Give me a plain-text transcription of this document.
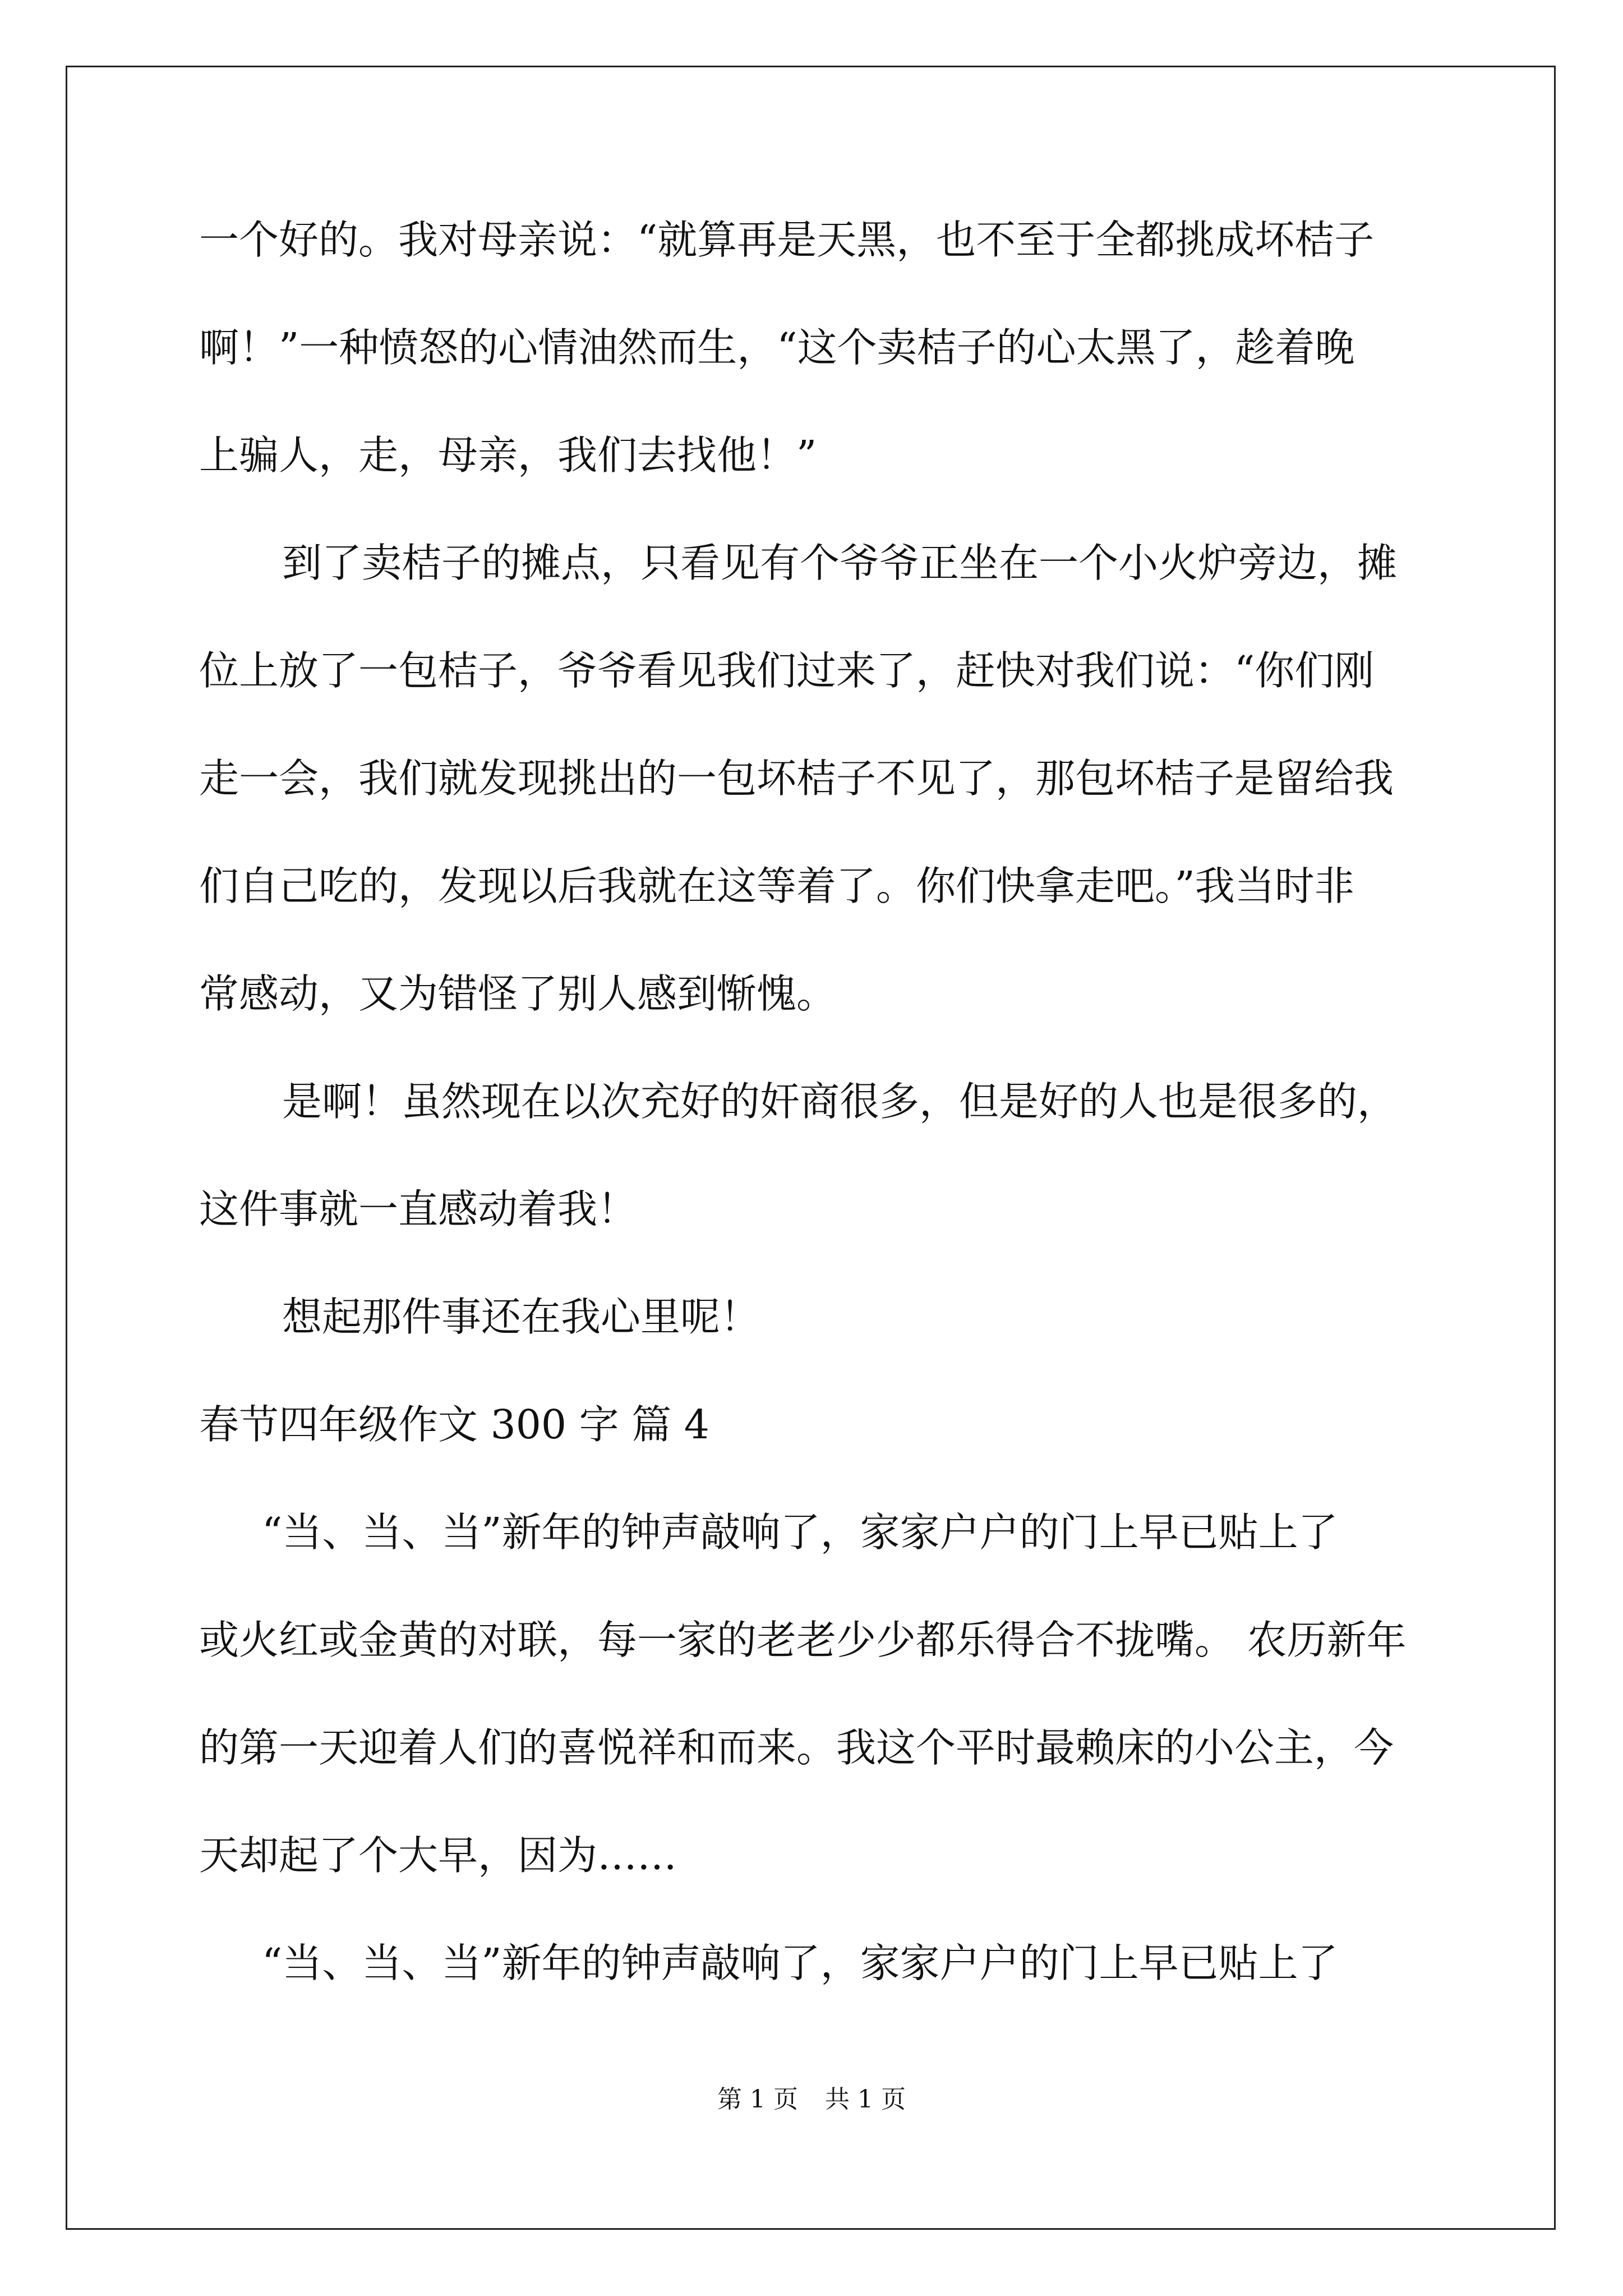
一个好的。我对母亲说：“就算再是天黑，也不至于全都挑成坏桔子
啊！”一种愤怒的心情油然而生，“这个卖桔子的心太黑了，趁着晚
上骗人，走，母亲，我们去找他！”
到了卖桔子的摊点，只看见有个爷爷正坐在一个小火炉旁边，摊
位上放了一包桔子，爷爷看见我们过来了，赶快对我们说：“你们刚
走一会，我们就发现挑出的一包坏桔子不见了，那包坏桔子是留给我
们自己吃的，发现以后我就在这等着了。你们快拿走吧。”我当时非
常感动，又为错怪了别人感到惭愧。
是啊！虽然现在以次充好的奸商很多，但是好的人也是很多的，
这件事就一直感动着我！
想起那件事还在我心里呢！
春节四年级作文 300 字 篇 4
“当、当、当”新年的钟声敲响了，家家户户的门上早已贴上了
或火红或金黄的对联，每一家的老老少少都乐得合不拢嘴。 农历新年
的第一天迎着人们的喜悦祥和而来。我这个平时最赖床的小公主，今
天却起了个大早，因为……
“当、当、当”新年的钟声敲响了，家家户户的门上早已贴上了
第 1 页 共 1 页
